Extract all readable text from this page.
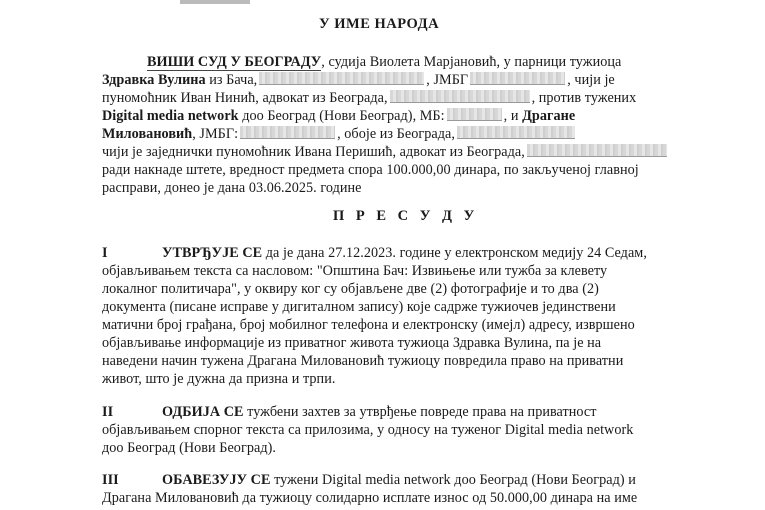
У ИМЕ НАРОДА
ВИШИ СУД У БЕОГРАДУ, судија Виолета Марјановић, у парници тужиоца
Здравка Вулина из Бача,	, ЈМБГ	, чији је
пуномоћник Иван Нинић, адвокат из Београда,	, против тужених
Digital media network доо Београд (Нови Београд), МБ:	, и Драгане
Миловановић, ЈМБГ:	, обоје из Београда,
чији је заједнички пуномоћник Ивана Перишић, адвокат из Београда,
ради накнаде штете, вредност предмета спора 100.000,00 динара, по закљученој главној
расправи, донео је дана 03.06.2025. године
П Р Е С У Д У
I	УТВРЂУЈЕ СЕ да је дана 27.12.2023. године у електронском медију 24 Седам,
објављивањем текста са насловом: "Општина Бач: Извињење или тужба за клевету
локалног политичара", у оквиру ког су објављене две (2) фотографије и то два (2)
документа (писане исправе у дигиталном запису) које садрже тужиочев јединствени
матични број грађана, број мобилног телефона и електронску (имејл) адресу, извршено
објављивање информације из приватног живота тужиоца Здравка Вулина, па је на
наведени начин тужена Драгана Миловановић тужиоцу повредила право на приватни
живот, што је дужна да призна и трпи.
II	ОДБИЈА СЕ тужбени захтев за утврђење повреде права на приватност
објављивањем спорног текста са прилозима, у односу на туженог Digital media network
доо Београд (Нови Београд).
III	ОБАВЕЗУЈУ СЕ тужени Digital media network доо Београд (Нови Београд) и
Драгана Миловановић да тужиоцу солидарно исплате износ од 50.000,00 динара на име
